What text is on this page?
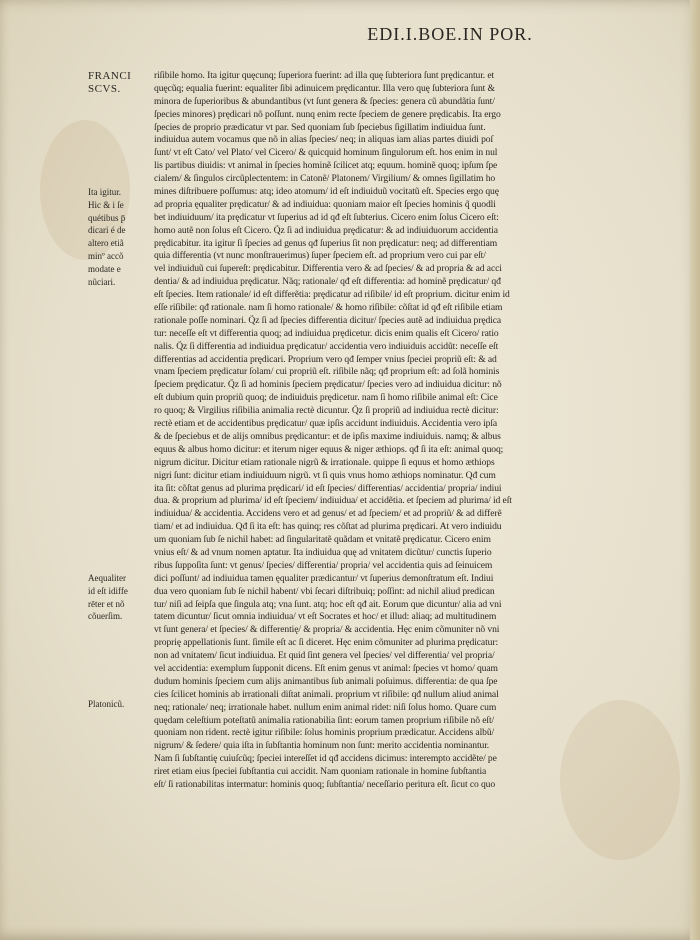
EDI.I.BOE.IN POR.
FRANCI
SCVS.
Ita igitur.
Hic & i ſe
quétibus p̄
dicari é de
altero etiã
minº accõ
modate e
nũciari.
Aequaliter
id eſt idiffe
rēter et nõ
cõuerſim.
Platonicũ.
riſibile homo. Ita igitur quęcunq; ſuperiora fuerint: ad illa quę ſubteriora ſunt prędicantur. et
quęcũq; equalia fuerint: equaliter ſibi adinuicem prędicantur. Illa vero quę ſubteriora ſunt &
minora de ſuperioribus & abundantibus (vt ſunt genera & ſpecies: genera cũ abundãtia ſunt/
ſpecies minores) prędicari nõ poſſunt. nunq enim recte ſpeciem de genere prędicabis. Ita ergo
ſpecies de proprio prædicatur vt par. Sed quoniam ſub ſpeciebus ſigillatim indiuidua ſunt.
indiuidua autem vocamus que nõ in alias ſpecies/ neq; in aliquas iam alias partes diuidi poſ
ſunt/ vt eſt Cato/ vel Plato/ vel Cicero/ & quicquid hominum ſingulorum eſt. hos enim in nul
lis partibus diuidis: vt animal in ſpecies hominẽ ſcilicet atq; equum. hominẽ quoq; ipſum ſpe
cialem/ & ſingulos circũplectentem: in Catonẽ/ Platonem/ Virgilium/ & omnes ſigillatim ho
mines diſtribuere poſſumus: atq; ideo atomum/ id eſt indiuiduũ vocitatũ eſt. Species ergo quę
ad propria ęqualiter prędicatur/ & ad indiuidua: quoniam maior eſt ſpecies hominis q̃ quodli
bet indiuiduum/ ita prędicatur vt ſuperius ad id qđ eſt ſubterius. Cicero enim ſolus Cicero eſt:
homo autẽ non ſolus eſt Cicero. Q̃z ſi ad indiuidua prędicatur: & ad indiuiduorum accidentia
prędicabitur. ita igitur ſi ſpecies ad genus qđ ſuperius ſit non prędicatur: neq; ad differentiam
quia differentia (vt nunc monſtrauerimus) ſuper ſpeciem eſt. ad proprium vero cui par eſt/
vel indiuiduũ cui ſupereſt: prędicabitur. Differentia vero & ad ſpecies/ & ad propria & ad acci
dentia/ & ad indiuidua prędicatur. Nãq; rationale/ qđ eſt differentia: ad hominẽ prędicatur/ qđ
eſt ſpecies. Item rationale/ id eſt differẽtia: prędicatur ad riſibile/ id eſt proprium. dicitur enim id
eſſe riſibile: qđ rationale. nam ſi homo rationale/ & homo riſibile: cõſtat id qđ eſt riſibile etiam
rationale poſſe nominari. Q̃z ſi ad ſpecies differentia dicitur/ ſpecies autẽ ad indiuidua prędica
tur: neceſſe eſt vt differentia quoq; ad indiuidua prędicetur. dicis enim qualis eſt Cicero/ ratio
nalis. Q̃z ſi differentia ad indiuidua prędicatur/ accidentia vero indiuiduis accidũt: neceſſe eſt
differentias ad accidentia prędicari. Proprium vero qđ ſemper vnius ſpeciei propriũ eſt: & ad
vnam ſpeciem prędicatur ſolam/ cui propriũ eſt. riſibile nãq; qđ proprium eſt: ad ſolã hominis
ſpeciem prędicatur. Q̃z ſi ad hominis ſpeciem prędicatur/ ſpecies vero ad indiuidua dicitur: nõ
eſt dubium quin propriũ quoq; de indiuiduis prędicetur. nam ſi homo riſibile animal eſt: Cice
ro quoq; & Virgilius riſibilia animalia rectè dicuntur. Q̃z ſi propriũ ad indiuidua rectè dicitur:
rectè etiam et de accidentibus prędicatur/ quæ ipſis accidunt indiuiduis. Accidentia vero ipſa
& de ſpeciebus et de alijs omnibus prędicantur: et de ipſis maxime indiuiduis. namq; & albus
equus & albus homo dicitur: et iterum niger equus & niger æthiops. qđ ſi ita eſt: animal quoq;
nigrum dicitur. Dicitur etiam rationale nigrũ & irrationale. quippe ſi equus et homo æthiops
nigri ſunt: dicitur etiam indiuiduum nigrũ. vt ſi quis vnus homo æthiops nominatur. Qđ cum
ita ſit: cõſtat genus ad plurima prędicari/ id eſt ſpecies/ differentias/ accidentia/ propria/ indiui
dua. & proprium ad plurima/ id eſt ſpeciem/ indiuidua/ et accidẽtia. et ſpeciem ad plurima/ id eſt
indiuidua/ & accidentia. Accidens vero et ad genus/ et ad ſpeciem/ et ad propriũ/ & ad differẽ
tiam/ et ad indiuidua. Qđ ſi ita eſt: has quinq; res cõſtat ad plurima prędicari. At vero indiuidu
um quoniam ſub ſe nichil habet: ad ſingularitatẽ quãdam et vnitatẽ prędicatur. Cicero enim
vnius eſt/ & ad vnum nomen aptatur. Ita indiuidua quę ad vnitatem dicũtur/ cunctis ſuperio
ribus ſuppoſita ſunt: vt genus/ ſpecies/ differentia/ propria/ vel accidentia quis ad ſeinuicem
dici poſſunt/ ad indiuidua tamen ęqualiter prædicantur/ vt ſuperius demonſtratum eſt. Indiui
dua vero quoniam ſub ſe nichil habent/ vbi ſecari diſtribuiq; poſſint: ad nichil aliud predican
tur/ niſi ad ſeipſa que ſingula atq; vna ſunt. atq; hoc eſt qđ ait. Eorum que dicuntur/ alia ad vni
tatem dicuntur/ ſicut omnia indiuidua/ vt eſt Socrates et hoc/ et illud: aliaq; ad multitudinem
vt ſunt genera/ et ſpecies/ & differentię/ & propria/ & accidentia. Hęc enim cõmuniter nõ vni
proprię appellationis ſunt. ſimile eſt ac ſi diceret. Hęc enim cõmuniter ad plurima prędicatur:
non ad vnitatem/ ſicut indiuidua. Et quid ſint genera vel ſpecies/ vel differentia/ vel propria/
vel accidentia: exemplum ſupponit dicens. Eſt enim genus vt animal: ſpecies vt homo/ quam
dudum hominis ſpeciem cum alijs animantibus ſub animali poſuimus. differentia: de qua ſpe
cies ſcilicet hominis ab irrationali diſtat animali. proprium vt riſibile: qđ nullum aliud animal
neq; rationale/ neq; irrationale habet. nullum enim animal ridet: niſi ſolus homo. Quare cum
quędam celeſtium poteſtatũ animalia rationabilia ſint: eorum tamen proprium riſibile nõ eſt/
quoniam non rident. rectè igitur riſibile: ſolus hominis proprium prædicatur. Accidens albũ/
nigrum/ & ſedere/ quia iſta in ſubſtantia hominum non ſunt: merito accidentia nominantur.
Nam ſi ſubſtantię cuiuſcũq; ſpeciei intereſſet id qđ accidens dicimus: interempto accidẽte/ pe
riret etiam eius ſpeciei ſubſtantia cui accidit. Nam quoniam rationale in homine ſubſtantia
eſt/ ſi rationabilitas intermatur: hominis quoq; ſubſtantia/ neceſſario peritura eſt. ſicut co quo
